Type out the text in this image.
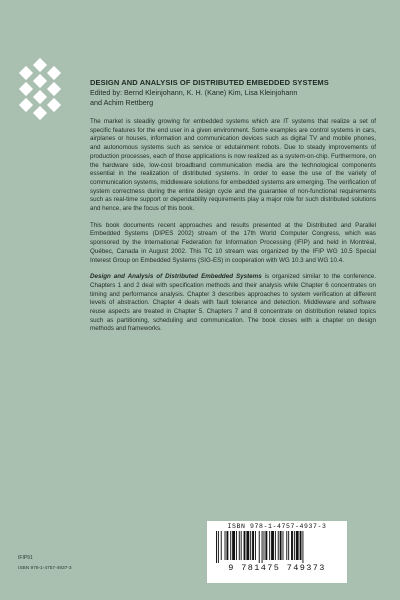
DESIGN AND ANALYSIS OF DISTRIBUTED EMBEDDED SYSTEMS
Edited by: Bernd Kleinjohann, K. H. (Kane) Kim, Lisa Kleinjohann
and Achim Rettberg

The market is steadily growing for embedded systems which are IT systems that realize a set of specific features for the end user in a given environment. Some examples are control systems in cars, airplanes or houses, information and communication devices such as digital TV and mobile phones, and autonomous systems such as service or edutainment robots. Due to steady improvements of production processes, each of those applications is now realized as a system-on-chip. Furthermore, on the hardware side, low-cost broadband communication media are the technological components essential in the realization of distributed systems. In order to ease the use of the variety of communication systems, middleware solutions for embedded systems are emerging. The verification of system correctness during the entire design cycle and the guarantee of non-functional requirements such as real-time support or dependability requirements play a major role for such distributed solutions and hence, are the focus of this book.

This book documents recent approaches and results presented at the Distributed and Parallel Embedded Systems (DIPES 2002) stream of the 17th World Computer Congress, which was sponsored by the International Federation for Information Processing (IFIP) and held in Montréal, Québec, Canada in August 2002. This TC 10 stream was organized by the IFIP WG 10.5 Special Interest Group on Embedded Systems (SIG-ES) in cooperation with WG 10.3 and WG 10.4.

Design and Analysis of Distributed Embedded Systems is organized similar to the conference. Chapters 1 and 2 deal with specification methods and their analysis while Chapter 6 concentrates on timing and performance analysis. Chapter 3 describes approaches to system verification at different levels of abstraction. Chapter 4 deals with fault tolerance and detection. Middleware and software reuse aspects are treated in Chapter 5. Chapters 7 and 8 concentrate on distribution related topics such as partitioning, scheduling and communication. The book closes with a chapter on design methods and frameworks.

ISBN 978-1-4757-4937-3
9 781475 749373
IFIP91
ISBN 978-1-4757-4937-3
